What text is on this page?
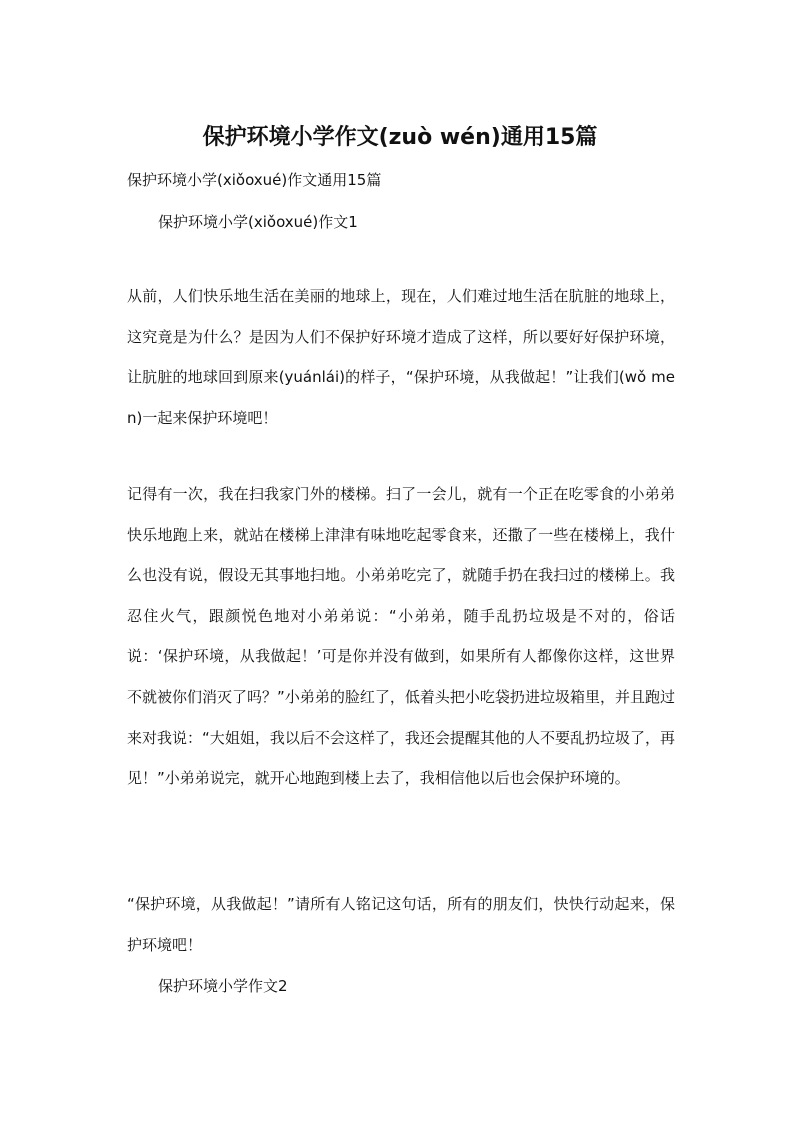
保护环境小学作文(zuò wén)通用15篇

保护环境小学(xiǒoxué)作文通用15篇

保护环境小学(xiǒoxué)作文1

从前，人们快乐地生活在美丽的地球上，现在，人们难过地生活在肮脏的地球上，这究竟是为什么？是因为人们不保护好环境才造成了这样，所以要好好保护环境，让肮脏的地球回到原来(yuánlái)的样子，“保护环境，从我做起！”让我们(wǒ men)一起来保护环境吧！

记得有一次，我在扫我家门外的楼梯。扫了一会儿，就有一个正在吃零食的小弟弟快乐地跑上来，就站在楼梯上津津有味地吃起零食来，还撒了一些在楼梯上，我什么也没有说，假设无其事地扫地。小弟弟吃完了，就随手扔在我扫过的楼梯上。我忍住火气，跟颜悦色地对小弟弟说：“小弟弟，随手乱扔垃圾是不对的，俗话说：‘保护环境，从我做起！’可是你并没有做到，如果所有人都像你这样，这世界不就被你们消灭了吗？”小弟弟的脸红了，低着头把小吃袋扔进垃圾箱里，并且跑过来对我说：“大姐姐，我以后不会这样了，我还会提醒其他的人不要乱扔垃圾了，再见！”小弟弟说完，就开心地跑到楼上去了，我相信他以后也会保护环境的。

“保护环境，从我做起！”请所有人铭记这句话，所有的朋友们，快快行动起来，保护环境吧！

保护环境小学作文2
